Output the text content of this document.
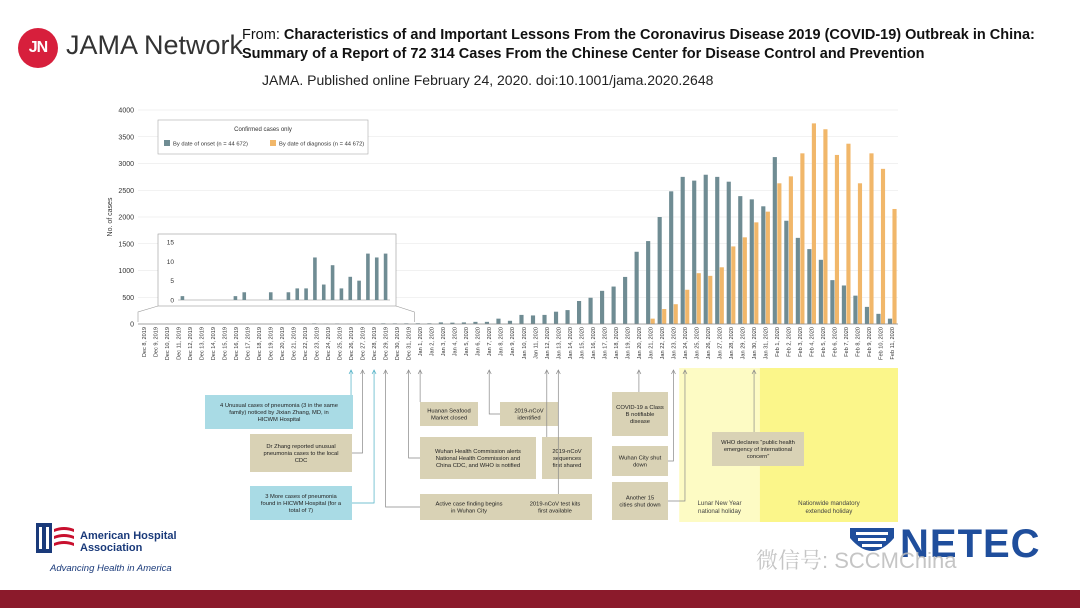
JN JAMA Network
From: Characteristics of and Important Lessons From the Coronavirus Disease 2019 (COVID-19) Outbreak in China: Summary of a Report of 72 314 Cases From the Chinese Center for Disease Control and Prevention
JAMA. Published online February 24, 2020. doi:10.1001/jama.2020.2648
Lunar New Year national holiday
Nationwide mandatory extended holiday
0
500
1000
1500
2000
2500
3000
3500
4000
No. of cases
Dec 8, 2019 Dec 9, 2019 Dec 10, 2019 Dec 11, 2019 Dec 12, 2019 Dec 13, 2019 Dec 14, 2019 Dec 15, 2019 Dec 16, 2019 Dec 17, 2019 Dec 18, 2019 Dec 19, 2019 Dec 20, 2019 Dec 21, 2019 Dec 22, 2019 Dec 23, 2019 Dec 24, 2019 Dec 25, 2019 Dec 26, 2019 Dec 27, 2019 Dec 28, 2019 Dec 29, 2019 Dec 30, 2019 Dec 31, 2019 Jan 1, 2020 Jan 2, 2020 Jan 3, 2020 Jan 4, 2020 Jan 5, 2020 Jan 6, 2020 Jan 7, 2020 Jan 8, 2020 Jan 9, 2020 Jan 10, 2020 Jan 11, 2020 Jan 12, 2020 Jan 13, 2020 Jan 14, 2020 Jan 15, 2020 Jan 16, 2020 Jan 17, 2020 Jan 18, 2020 Jan 19, 2020 Jan 20, 2020 Jan 21, 2020 Jan 22, 2020 Jan 23, 2020 Jan 24, 2020 Jan 25, 2020 Jan 26, 2020 Jan 27, 2020 Jan 28, 2020 Jan 29, 2020 Jan 30, 2020 Jan 31, 2020 Feb 1, 2020 Feb 2, 2020 Feb 3, 2020 Feb 4, 2020 Feb 5, 2020 Feb 6, 2020 Feb 7, 2020 Feb 8, 2020 Feb 9, 2020 Feb 10, 2020 Feb 11, 2020
Confirmed cases only
By date of onset (n = 44 672)	By date of diagnosis (n = 44 672)
0
5
10
15
4 Unusual cases of pneumonia (3 in the same family) noticed by Jixian Zhang, MD, in HICWM Hospital
Dr Zhang reported unusual pneumonia cases to the local CDC
3 More cases of pneumonia found in HICWM Hospital (for a total of 7)
Huanan Seafood Market closed
2019-nCoV identified
Wuhan Health Commission alerts National Health Commission and China CDC, and WHO is notified
2019-nCoV sequences first shared
Active case finding begins in Wuhan City
2019-nCoV test kits first available
COVID-19 a Class B notifiable disease
Wuhan City shut down
Another 15 cities shut down
WHO declares “public health emergency of international concern”
American Hospital
Association
Advancing Health in America
NETEC
微信号: SCCMChina
